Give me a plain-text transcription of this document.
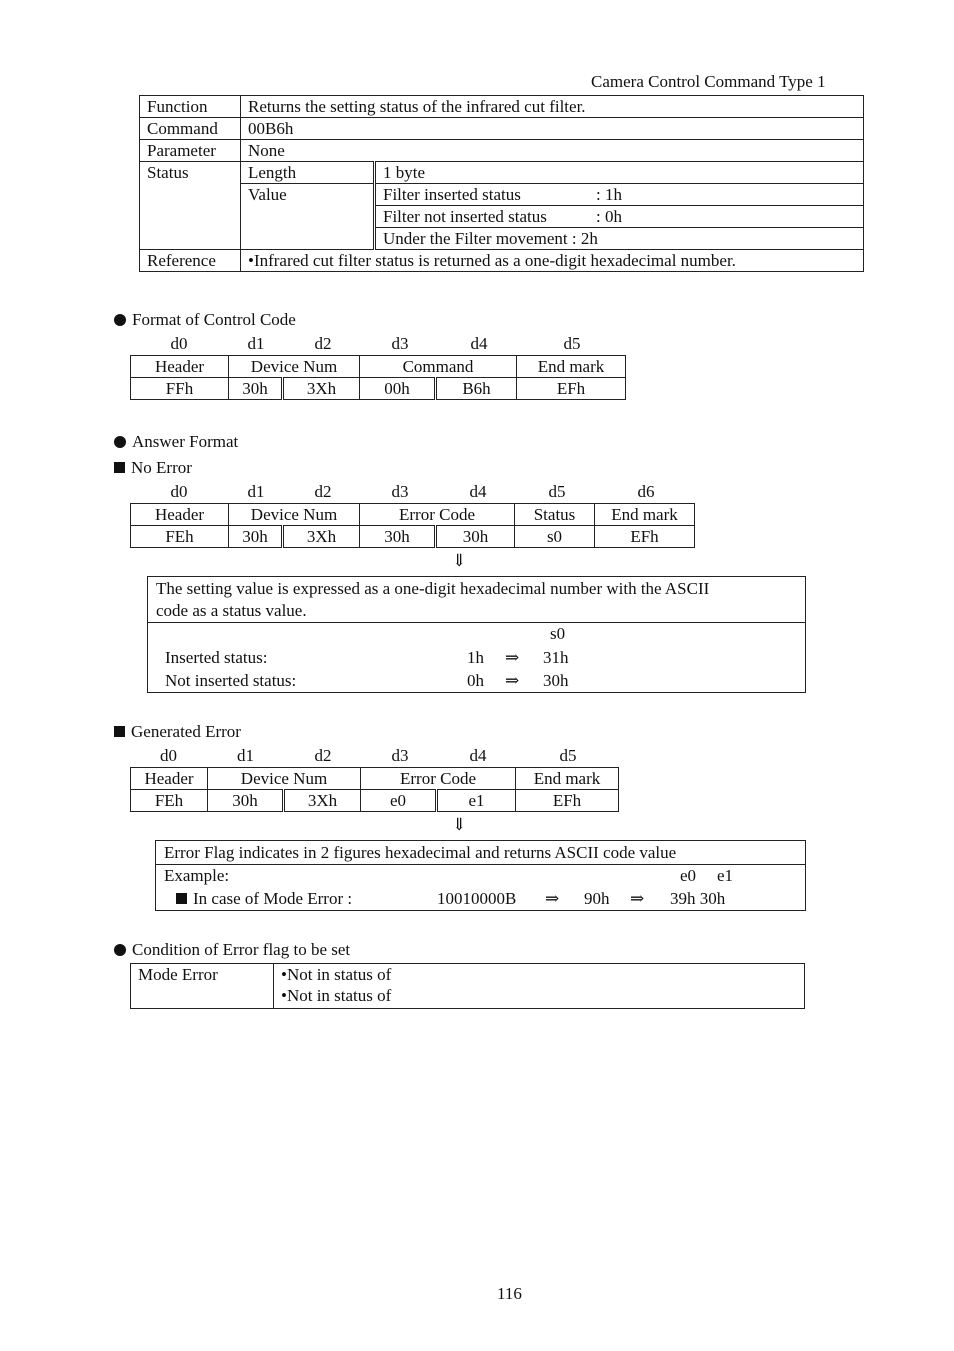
Camera Control Command Type 1
Function	Returns the setting status of the infrared cut filter.	
Command	00B6h	
Parameter	None	
Status	Length	1 byte
	Value	Filter inserted status : 1h
		Filter not inserted status : 0h
		Under the Filter movement : 2h
Reference	•Infrared cut filter status is returned as a one-digit hexadecimal number.	
Format of Control Code
d0	d1	d2	d3	d4	d5
Header	Device Num		Command		End mark
FFh	30h	3Xh	00h	B6h	EFh
Answer Format
No Error
d0	d1	d2	d3	d4	d5	d6
Header	Device Num		Error Code		Status	End mark
FEh	30h	3Xh	30h	30h	s0	EFh
⇓
The setting value is expressed as a one-digit hexadecimal number with the ASCII
code as a status value.
s0
Inserted status:	1h ⇒ 31h
Not inserted status:	0h ⇒ 30h
Generated Error
d0	d1	d2	d3	d4	d5
Header	Device Num		Error Code		End mark
FEh	30h	3Xh	e0	e1	EFh
⇓
Error Flag indicates in 2 figures hexadecimal and returns ASCII code value
Example:	e0 e1
In case of Mode Error :	10010000B ⇒ 90h ⇒ 39h 30h
Condition of Error flag to be set
Mode Error	•Not in status of
•Not in status of
116
